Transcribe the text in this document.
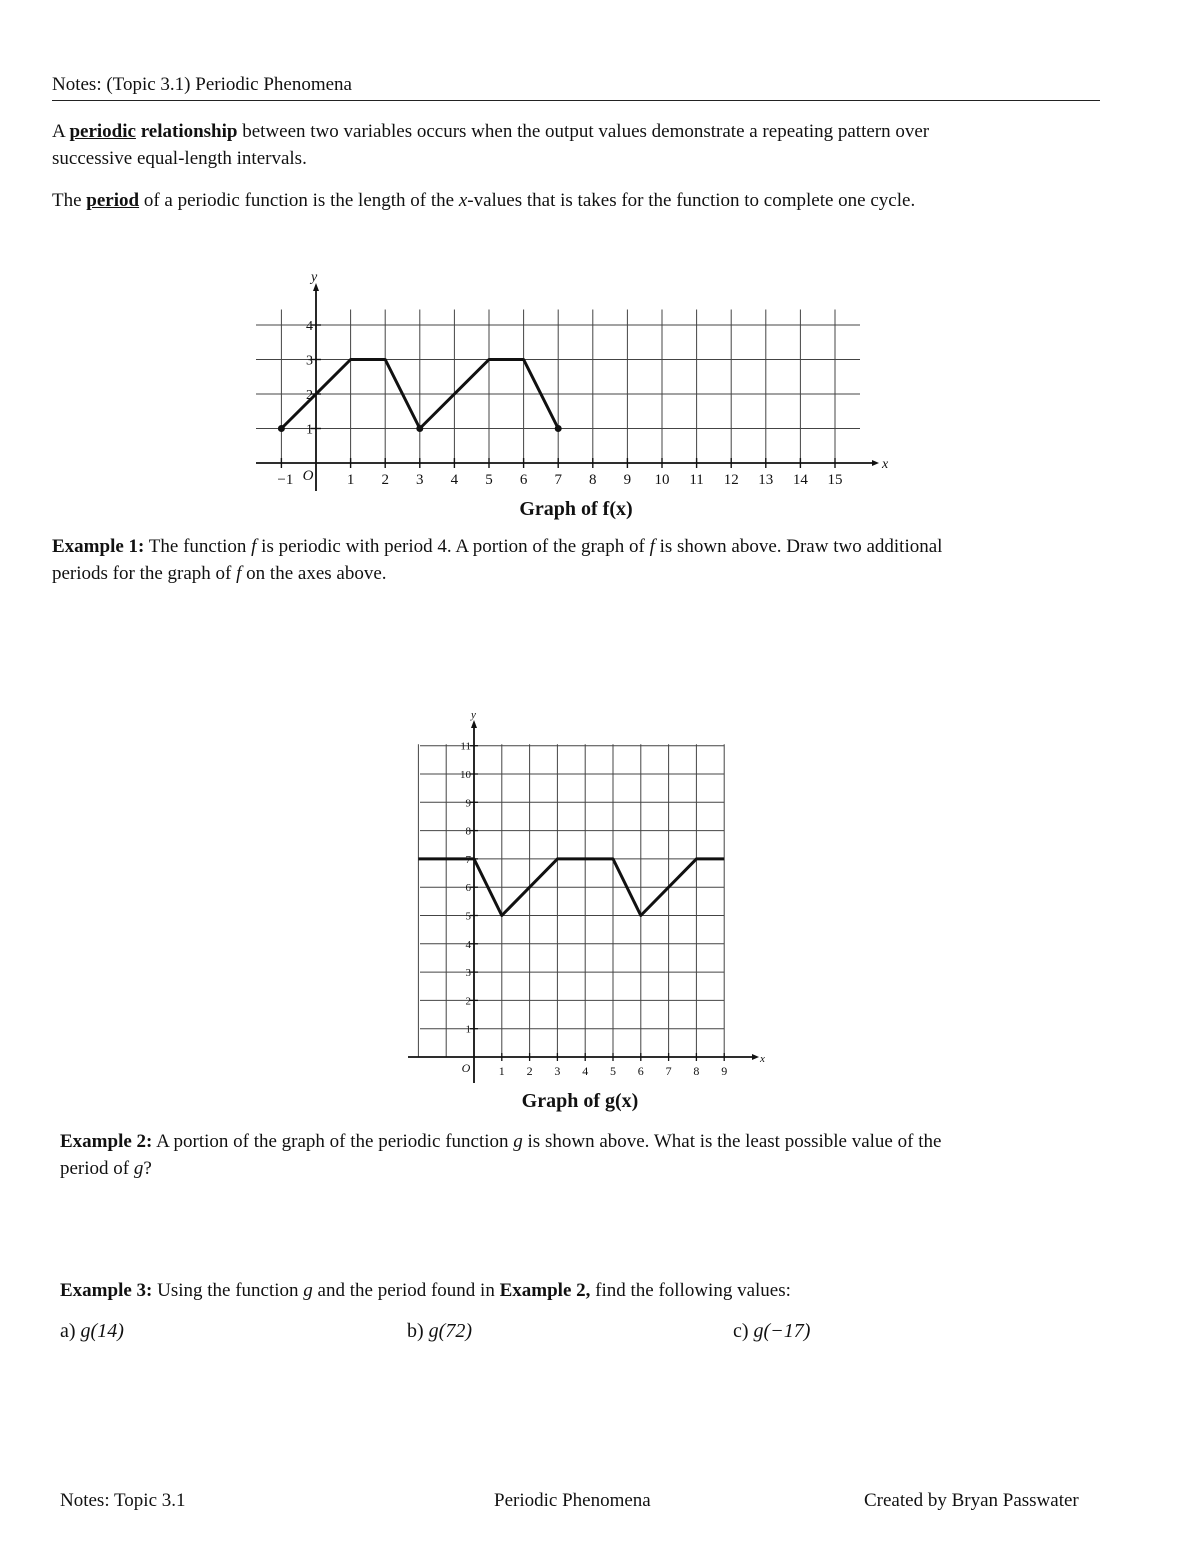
Notes: (Topic 3.1) Periodic Phenomena
A periodic relationship between two variables occurs when the output values demonstrate a repeating pattern over
successive equal-length intervals.
The period of a periodic function is the length of the x-values that is takes for the function to complete one cycle.
x
y
−1 O 1 2 3 4 5 6 7 8 9 10 11 12 13 14 15
1
2
3
4
Graph of f(x)
Example 1: The function f is periodic with period 4. A portion of the graph of f is shown above. Draw two additional
periods for the graph of f on the axes above.
x
y
O 1 2 3 4 5 6 7 8 9
1
2
3
4
5
6
7
8
9
10
11
Graph of g(x)
Example 2: A portion of the graph of the periodic function g is shown above. What is the least possible value of the
period of g?
Example 3: Using the function g and the period found in Example 2, find the following values:
a) g(14)	b) g(72)	c) g(−17)
Notes: Topic 3.1	Periodic Phenomena	Created by Bryan Passwater
